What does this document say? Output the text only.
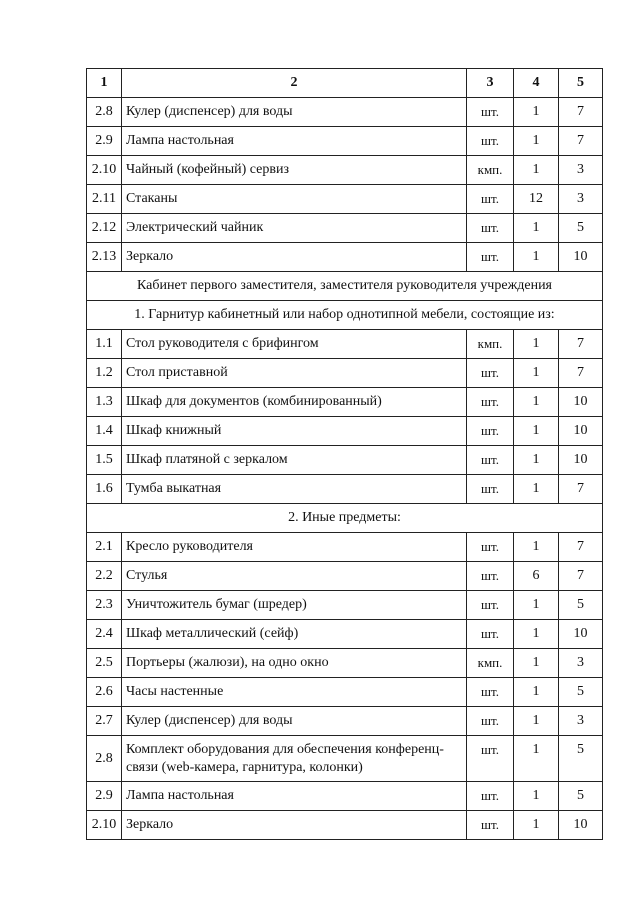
1	2	3	4	5
2.8	Кулер (диспенсер) для воды	шт.	1	7
2.9	Лампа настольная	шт.	1	7
2.10	Чайный (кофейный) сервиз	кмп.	1	3
2.11	Стаканы	шт.	12	3
2.12	Электрический чайник	шт.	1	5
2.13	Зеркало	шт.	1	10
Кабинет первого заместителя, заместителя руководителя учреждения				
1. Гарнитур кабинетный или набор однотипной мебели, состоящие из:				
1.1	Стол руководителя с брифингом	кмп.	1	7
1.2	Стол приставной	шт.	1	7
1.3	Шкаф для документов (комбинированный)	шт.	1	10
1.4	Шкаф книжный	шт.	1	10
1.5	Шкаф платяной с зеркалом	шт.	1	10
1.6	Тумба выкатная	шт.	1	7
2. Иные предметы:				
2.1	Кресло руководителя	шт.	1	7
2.2	Стулья	шт.	6	7
2.3	Уничтожитель бумаг (шредер)	шт.	1	5
2.4	Шкаф металлический (сейф)	шт.	1	10
2.5	Портьеры (жалюзи), на одно окно	кмп.	1	3
2.6	Часы настенные	шт.	1	5
2.7	Кулер (диспенсер) для воды	шт.	1	3
2.8	Комплект оборудования для обеспечения конференц-связи (web-камера, гарнитура, колонки)	шт.	1	5
2.9	Лампа настольная	шт.	1	5
2.10	Зеркало	шт.	1	10
